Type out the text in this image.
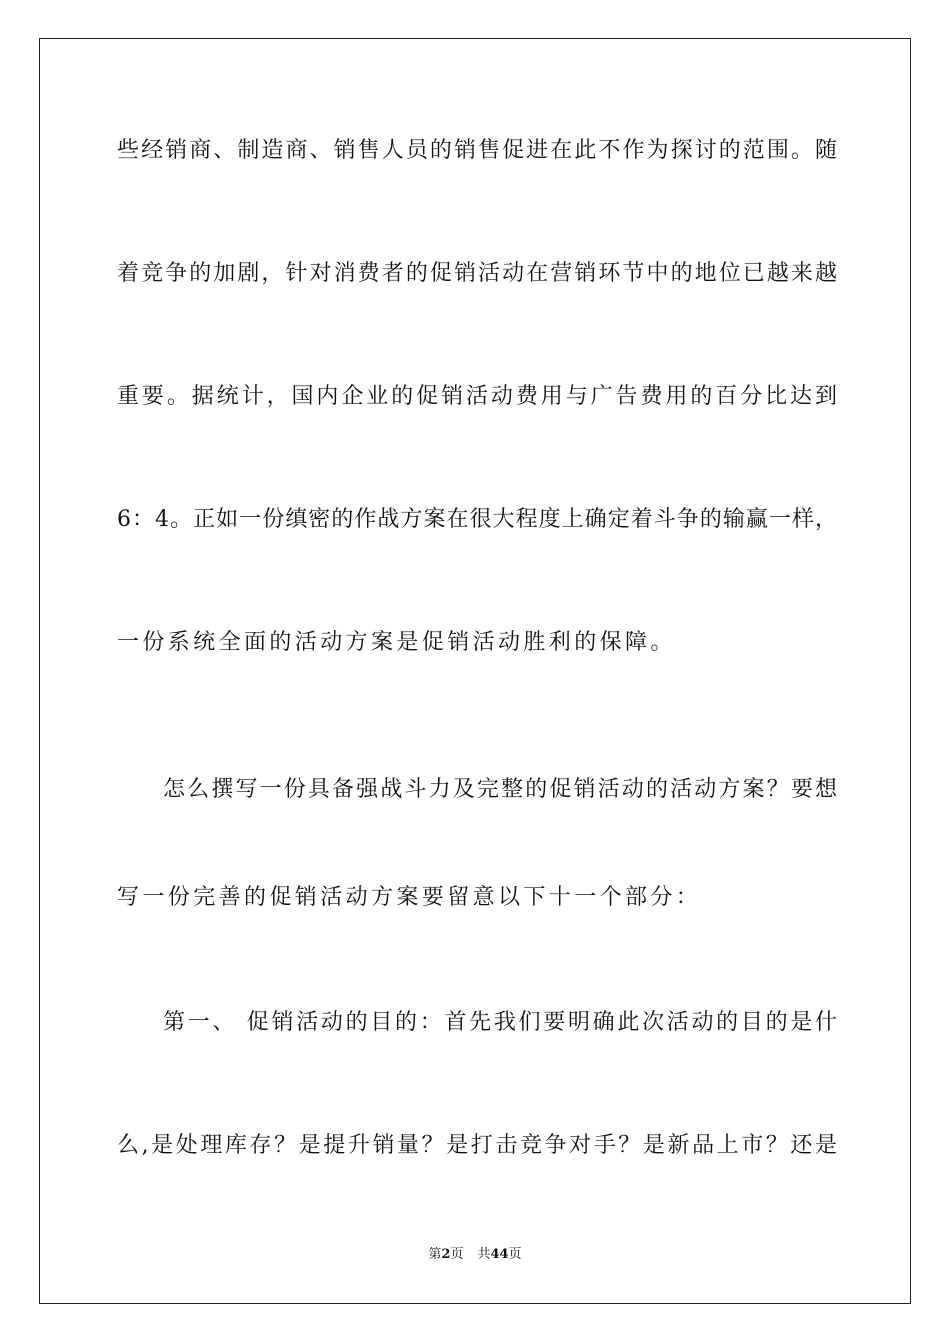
些经销商、制造商、销售人员的销售促进在此不作为探讨的范围。随
着竞争的加剧，针对消费者的促销活动在营销环节中的地位已越来越
重要。据统计，国内企业的促销活动费用与广告费用的百分比达到
6：4。正如一份缜密的作战方案在很大程度上确定着斗争的输赢一样，
一份系统全面的活动方案是促销活动胜利的保障。
怎么撰写一份具备强战斗力及完整的促销活动的活动方案？要想
写一份完善的促销活动方案要留意以下十一个部分：
第一、 促销活动的目的：首先我们要明确此次活动的目的是什
么,是处理库存？是提升销量？是打击竞争对手？是新品上市？还是
第2页 共44页
